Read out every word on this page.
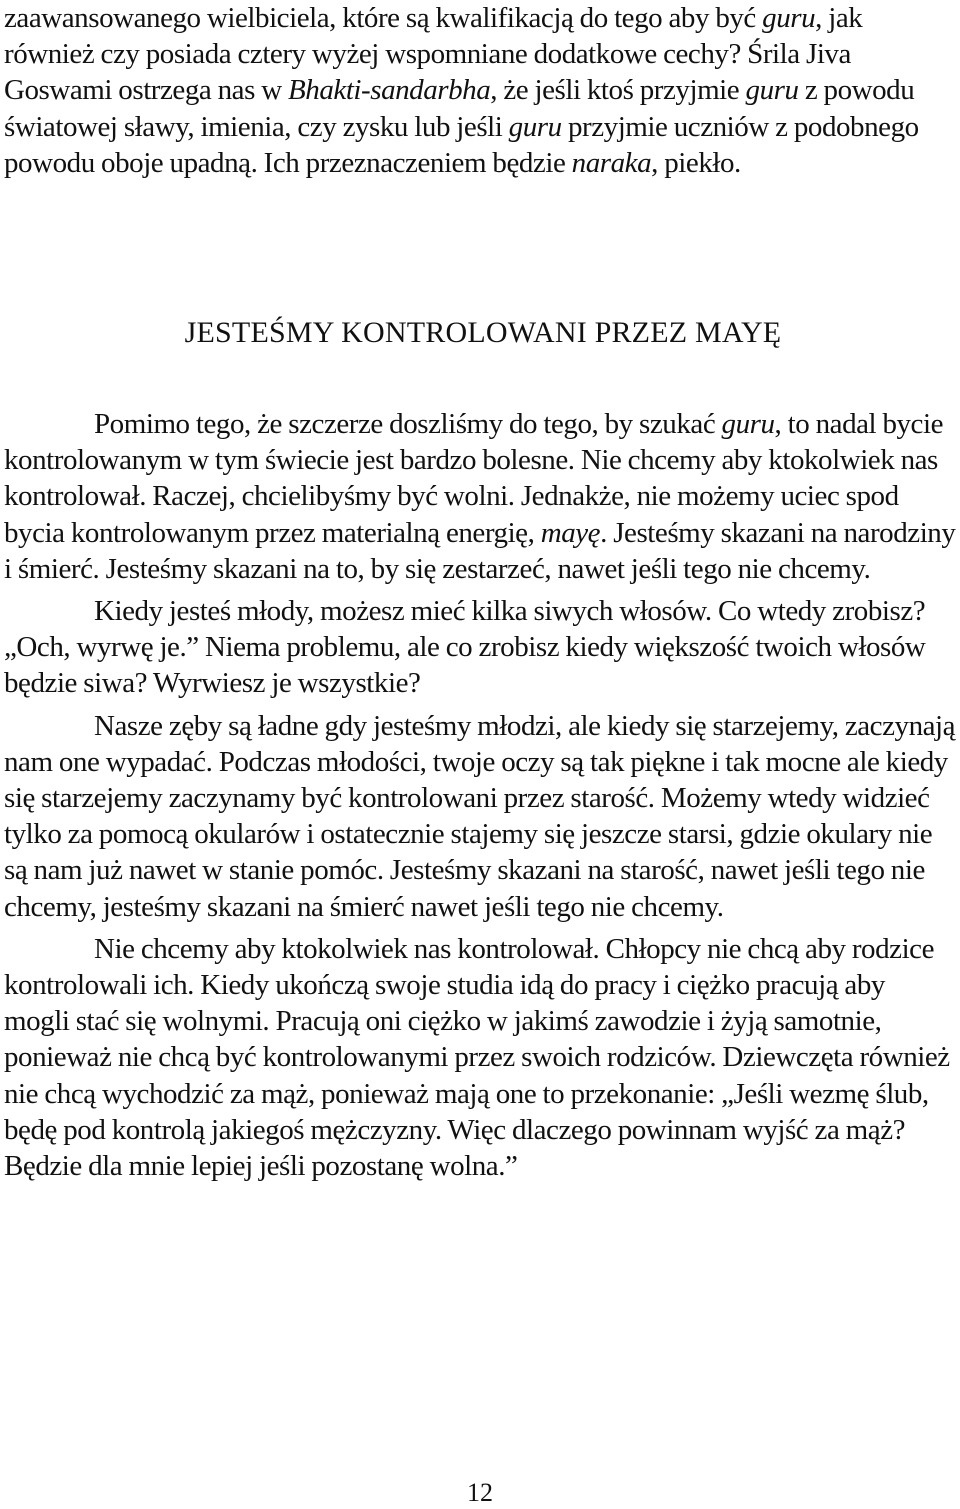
zaawansowanego wielbiciela, które są kwalifikacją do tego aby być guru, jak również czy posiada cztery wyżej wspomniane dodatkowe cechy? Śrila Jiva Goswami ostrzega nas w Bhakti-sandarbha, że jeśli ktoś przyjmie guru z powodu światowej sławy, imienia, czy zysku lub jeśli guru przyjmie uczniów z podobnego powodu oboje upadną. Ich przeznaczeniem będzie naraka, piekło.

JESTEŚMY KONTROLOWANI PRZEZ MAYĘ

Pomimo tego, że szczerze doszliśmy do tego, by szukać guru, to nadal bycie kontrolowanym w tym świecie jest bardzo bolesne. Nie chcemy aby ktokolwiek nas kontrolował. Raczej, chcielibyśmy być wolni. Jednakże, nie możemy uciec spod bycia kontrolowanym przez materialną energię, mayę. Jesteśmy skazani na narodziny i śmierć. Jesteśmy skazani na to, by się zestarzeć, nawet jeśli tego nie chcemy.

Kiedy jesteś młody, możesz mieć kilka siwych włosów. Co wtedy zrobisz? „Och, wyrwę je.” Niema problemu, ale co zrobisz kiedy większość twoich włosów będzie siwa? Wyrwiesz je wszystkie?

Nasze zęby są ładne gdy jesteśmy młodzi, ale kiedy się starzejemy, zaczynają nam one wypadać. Podczas młodości, twoje oczy są tak piękne i tak mocne ale kiedy się starzejemy zaczynamy być kontrolowani przez starość. Możemy wtedy widzieć tylko za pomocą okularów i ostatecznie stajemy się jeszcze starsi, gdzie okulary nie są nam już nawet w stanie pomóc. Jesteśmy skazani na starość, nawet jeśli tego nie chcemy, jesteśmy skazani na śmierć nawet jeśli tego nie chcemy.

Nie chcemy aby ktokolwiek nas kontrolował. Chłopcy nie chcą aby rodzice kontrolowali ich. Kiedy ukończą swoje studia idą do pracy i ciężko pracują aby mogli stać się wolnymi. Pracują oni ciężko w jakimś zawodzie i żyją samotnie, ponieważ nie chcą być kontrolowanymi przez swoich rodziców. Dziewczęta również nie chcą wychodzić za mąż, ponieważ mają one to przekonanie: „Jeśli wezmę ślub, będę pod kontrolą jakiegoś mężczyzny. Więc dlaczego powinnam wyjść za mąż? Będzie dla mnie lepiej jeśli pozostanę wolna.”

12
